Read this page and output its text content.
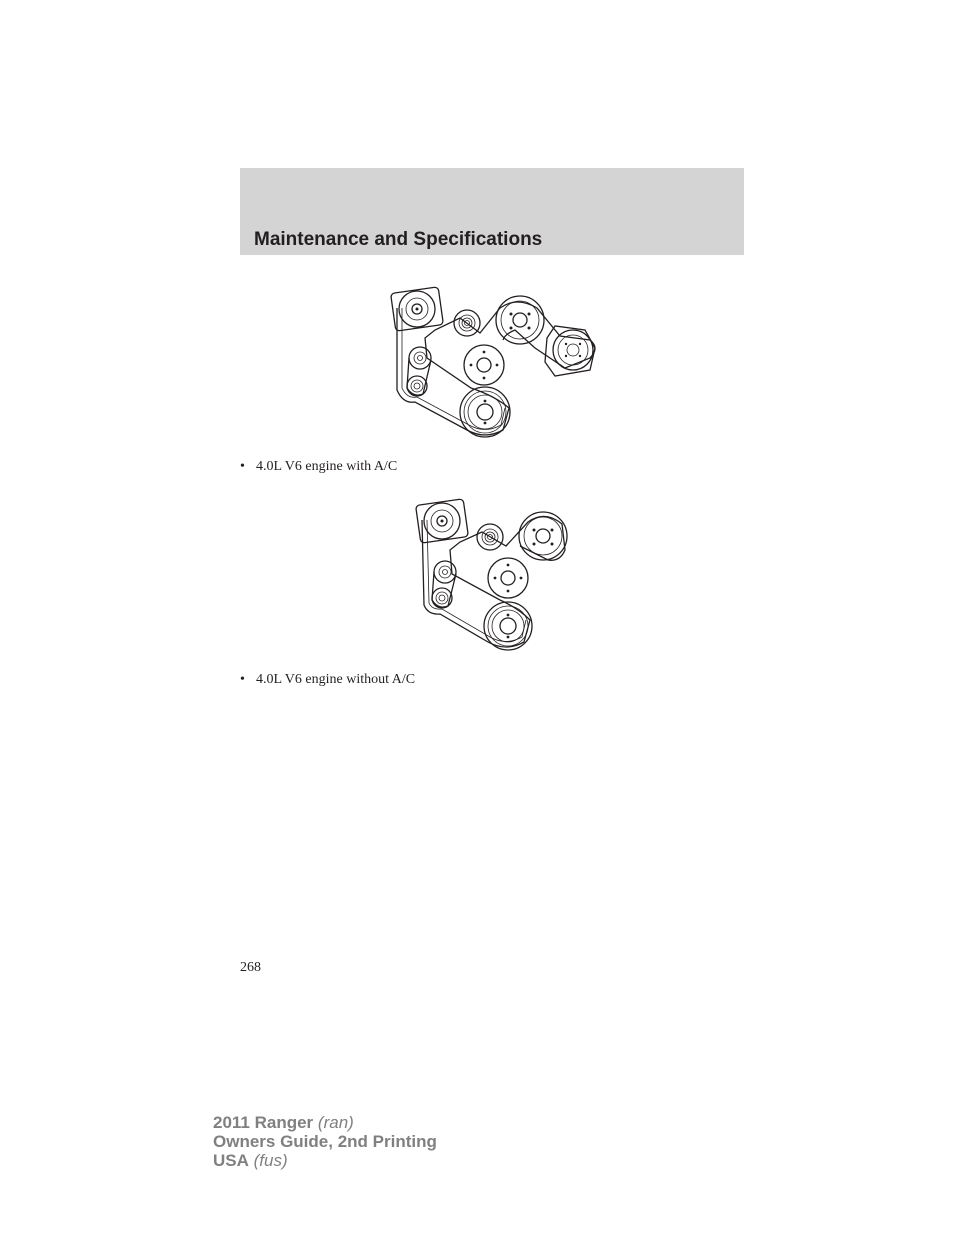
Maintenance and Specifications
• 4.0L V6 engine with A/C
• 4.0L V6 engine without A/C
268
2011 Ranger (ran)
Owners Guide, 2nd Printing
USA (fus)
